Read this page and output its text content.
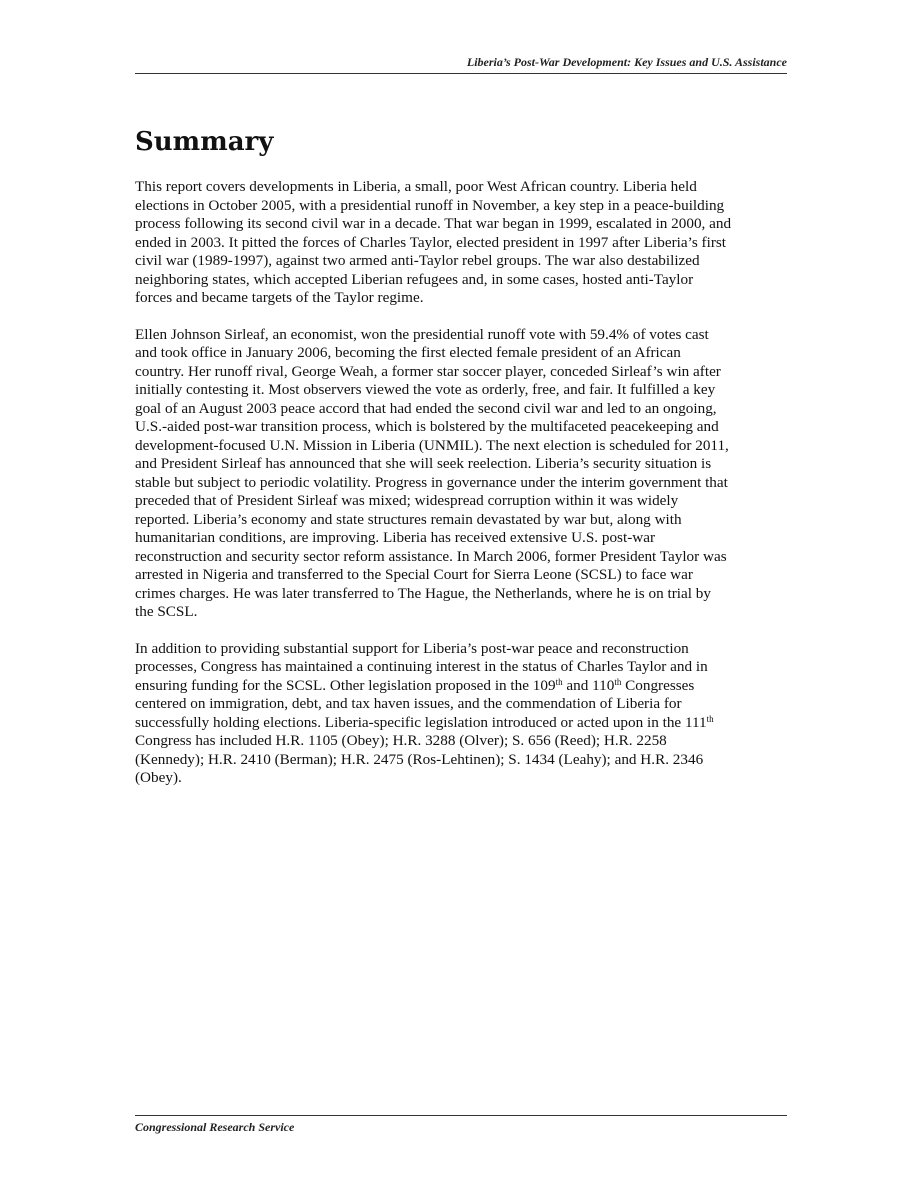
Liberia’s Post-War Development: Key Issues and U.S. Assistance
Summary

This report covers developments in Liberia, a small, poor West African country. Liberia held
elections in October 2005, with a presidential runoff in November, a key step in a peace-building
process following its second civil war in a decade. That war began in 1999, escalated in 2000, and
ended in 2003. It pitted the forces of Charles Taylor, elected president in 1997 after Liberia’s first
civil war (1989-1997), against two armed anti-Taylor rebel groups. The war also destabilized
neighboring states, which accepted Liberian refugees and, in some cases, hosted anti-Taylor
forces and became targets of the Taylor regime.

Ellen Johnson Sirleaf, an economist, won the presidential runoff vote with 59.4% of votes cast
and took office in January 2006, becoming the first elected female president of an African
country. Her runoff rival, George Weah, a former star soccer player, conceded Sirleaf’s win after
initially contesting it. Most observers viewed the vote as orderly, free, and fair. It fulfilled a key
goal of an August 2003 peace accord that had ended the second civil war and led to an ongoing,
U.S.-aided post-war transition process, which is bolstered by the multifaceted peacekeeping and
development-focused U.N. Mission in Liberia (UNMIL). The next election is scheduled for 2011,
and President Sirleaf has announced that she will seek reelection. Liberia’s security situation is
stable but subject to periodic volatility. Progress in governance under the interim government that
preceded that of President Sirleaf was mixed; widespread corruption within it was widely
reported. Liberia’s economy and state structures remain devastated by war but, along with
humanitarian conditions, are improving. Liberia has received extensive U.S. post-war
reconstruction and security sector reform assistance. In March 2006, former President Taylor was
arrested in Nigeria and transferred to the Special Court for Sierra Leone (SCSL) to face war
crimes charges. He was later transferred to The Hague, the Netherlands, where he is on trial by
the SCSL.

In addition to providing substantial support for Liberia’s post-war peace and reconstruction
processes, Congress has maintained a continuing interest in the status of Charles Taylor and in
ensuring funding for the SCSL. Other legislation proposed in the 109th and 110th Congresses
centered on immigration, debt, and tax haven issues, and the commendation of Liberia for
successfully holding elections. Liberia-specific legislation introduced or acted upon in the 111th
Congress has included H.R. 1105 (Obey); H.R. 3288 (Olver); S. 656 (Reed); H.R. 2258
(Kennedy); H.R. 2410 (Berman); H.R. 2475 (Ros-Lehtinen); S. 1434 (Leahy); and H.R. 2346
(Obey).

Congressional Research Service
